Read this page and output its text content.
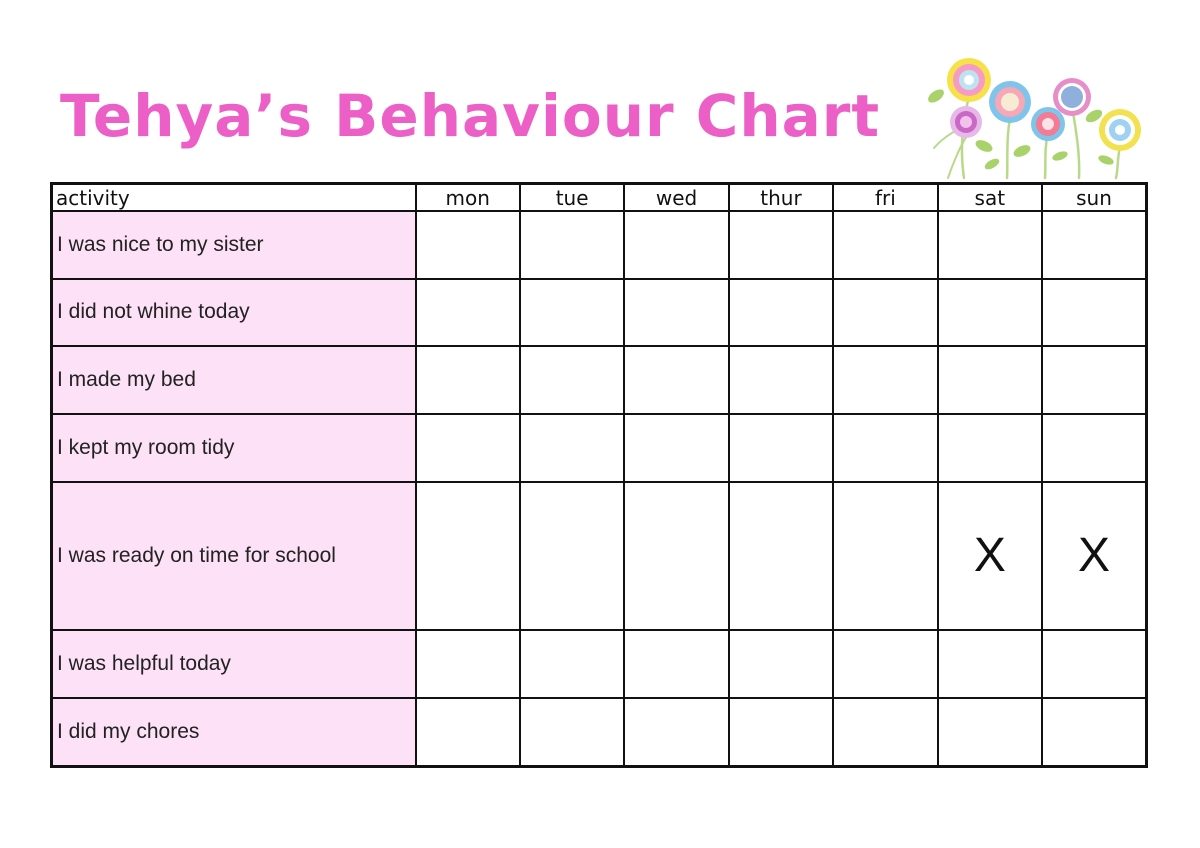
Tehya’s Behaviour Chart
activity	mon	tue	wed	thur	fri	sat	sun
I was nice to my sister							
I did not whine today							
I made my bed							
I kept my room tidy							
I was ready on time for school						X	X
I was helpful today							
I did my chores							
